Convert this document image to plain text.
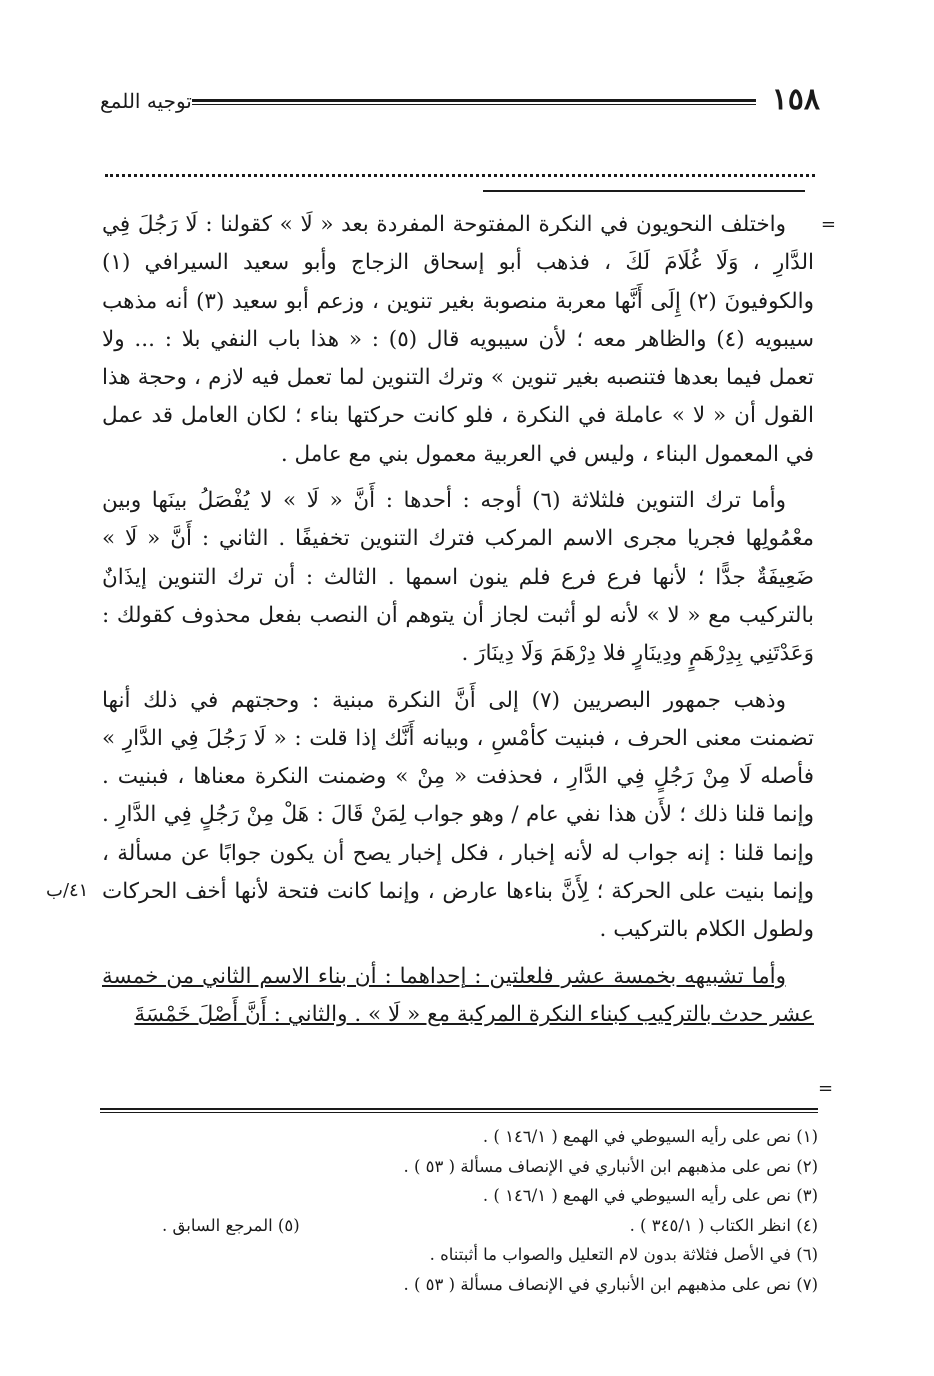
١٥٨
توجيه اللمع
=
٤١/ب

واختلف النحويون في النكرة المفتوحة المفردة بعد « لَا » كقولنا : لَا رَجُلَ فِي الدَّارِ ، وَلَا غُلَامَ لَكَ ، فذهب أبو إسحاق الزجاج وأبو سعيد السيرافي (١) والكوفيونَ (٢) إِلَى أَنَّها معربة منصوبة بغير تنوين ، وزعم أبو سعيد (٣) أنه مذهب سيبويه (٤) والظاهر معه ؛ لأن سيبويه قال (٥) : « هذا باب النفي بلا : ... ولا تعمل فيما بعدها فتنصبه بغير تنوين » وترك التنوين لما تعمل فيه لازم ، وحجة هذا القول أن « لا » عاملة في النكرة ، فلو كانت حركتها بناء ؛ لكان العامل قد عمل في المعمول البناء ، وليس في العربية معمول بني مع عامل .

وأما ترك التنوين فلثلاثة (٦) أوجه : أحدها : أَنَّ « لَا » لا يُفْصَلُ بينَها وبين معْمُولِها فجريا مجرى الاسم المركب فترك التنوين تخفيفًا . الثاني : أَنَّ « لَا » ضَعِيفَةٌ جدًّا ؛ لأنها فرع فرع فلم ينون اسمها . الثالث : أن ترك التنوين إيذَانٌ بالتركيب مع « لا » لأنه لو أثبت لجاز أن يتوهم أن النصب بفعل محذوف كقولك : وَعَدْتَنِي بِدِرْهَمٍ ودِينَارٍ فلا دِرْهَمَ وَلَا دِينَارَ .

وذهب جمهور البصريين (٧) إلى أَنَّ النكرة مبنية : وحجتهم في ذلك أنها تضمنت معنى الحرف ، فبنيت كأمْسِ ، وبيانه أَنَّك إذا قلت : « لَا رَجُلَ فِي الدَّارِ » فأصله لَا مِنْ رَجُلٍ فِي الدَّارِ ، فحذفت « مِنْ » وضمنت النكرة معناها ، فبنيت . وإنما قلنا ذلك ؛ لأَن هذا نفي عام / وهو جواب لِمَنْ قَالَ : هَلْ مِنْ رَجُلٍ فِي الدَّارِ . وإنما قلنا : إنه جواب له لأنه إخبار ، فكل إخبار يصح أن يكون جوابًا عن مسألة ، وإنما بنيت على الحركة ؛ لِأَنَّ بناءها عارض ، وإنما كانت فتحة لأنها أخف الحركات ولطول الكلام بالتركيب .

وأما تشبيهه بخمسة عشر فلعلتين : إحداهما : أن بناء الاسم الثاني من خمسة عشر حدث بالتركيب كبناء النكرة المركبة مع « لَا » . والثاني : أَنَّ أَصْلَ خَمْسَةَ

=
(١) نص على رأيه السيوطي في الهمع ( ١٤٦/١ ) .
(٢) نص على مذهبهم ابن الأنباري في الإنصاف مسألة ( ٥٣ ) .
(٣) نص على رأيه السيوطي في الهمع ( ١٤٦/١ ) .
(٤) انظر الكتاب ( ٣٤٥/١ ) .
(٥) المرجع السابق .
(٦) في الأصل فثلاثة بدون لام التعليل والصواب ما أثبتناه .
(٧) نص على مذهبهم ابن الأنباري في الإنصاف مسألة ( ٥٣ ) .
